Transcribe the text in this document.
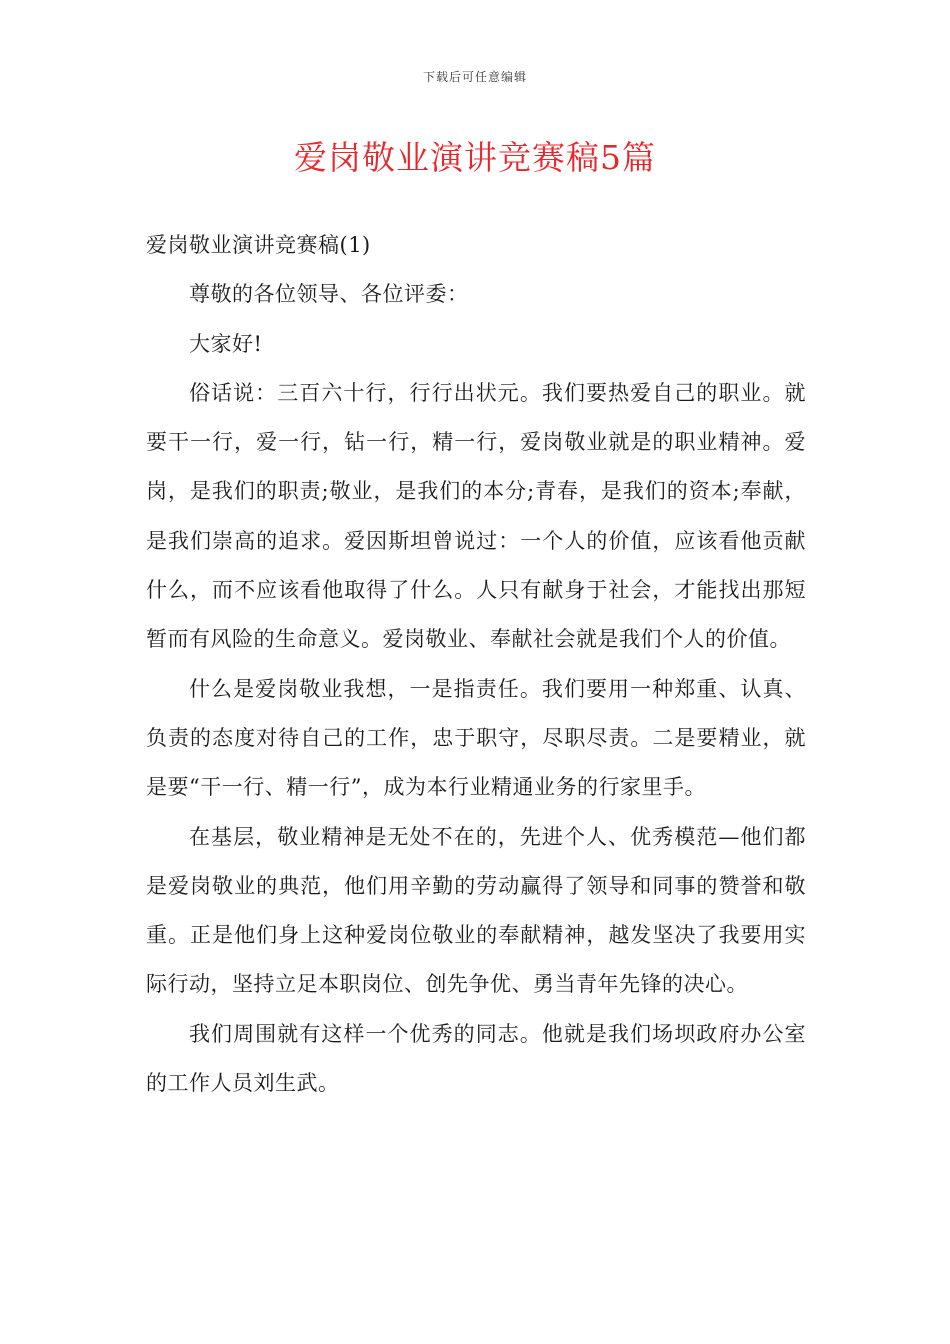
下载后可任意编辑
爱岗敬业演讲竞赛稿5篇

爱岗敬业演讲竞赛稿(1)

尊敬的各位领导、各位评委：

大家好!

俗话说：三百六十行，行行出状元。我们要热爱自己的职业。就要干一行，爱一行，钻一行，精一行，爱岗敬业就是的职业精神。爱岗，是我们的职责;敬业，是我们的本分;青春，是我们的资本;奉献，是我们崇高的追求。爱因斯坦曾说过：一个人的价值，应该看他贡献什么，而不应该看他取得了什么。人只有献身于社会，才能找出那短暂而有风险的生命意义。爱岗敬业、奉献社会就是我们个人的价值。

什么是爱岗敬业我想，一是指责任。我们要用一种郑重、认真、负责的态度对待自己的工作，忠于职守，尽职尽责。二是要精业，就是要“干一行、精一行”，成为本行业精通业务的行家里手。

在基层，敬业精神是无处不在的，先进个人、优秀模范—他们都是爱岗敬业的典范，他们用辛勤的劳动赢得了领导和同事的赞誉和敬重。正是他们身上这种爱岗位敬业的奉献精神，越发坚决了我要用实际行动，坚持立足本职岗位、创先争优、勇当青年先锋的决心。

我们周围就有这样一个优秀的同志。他就是我们场坝政府办公室的工作人员刘生武。
